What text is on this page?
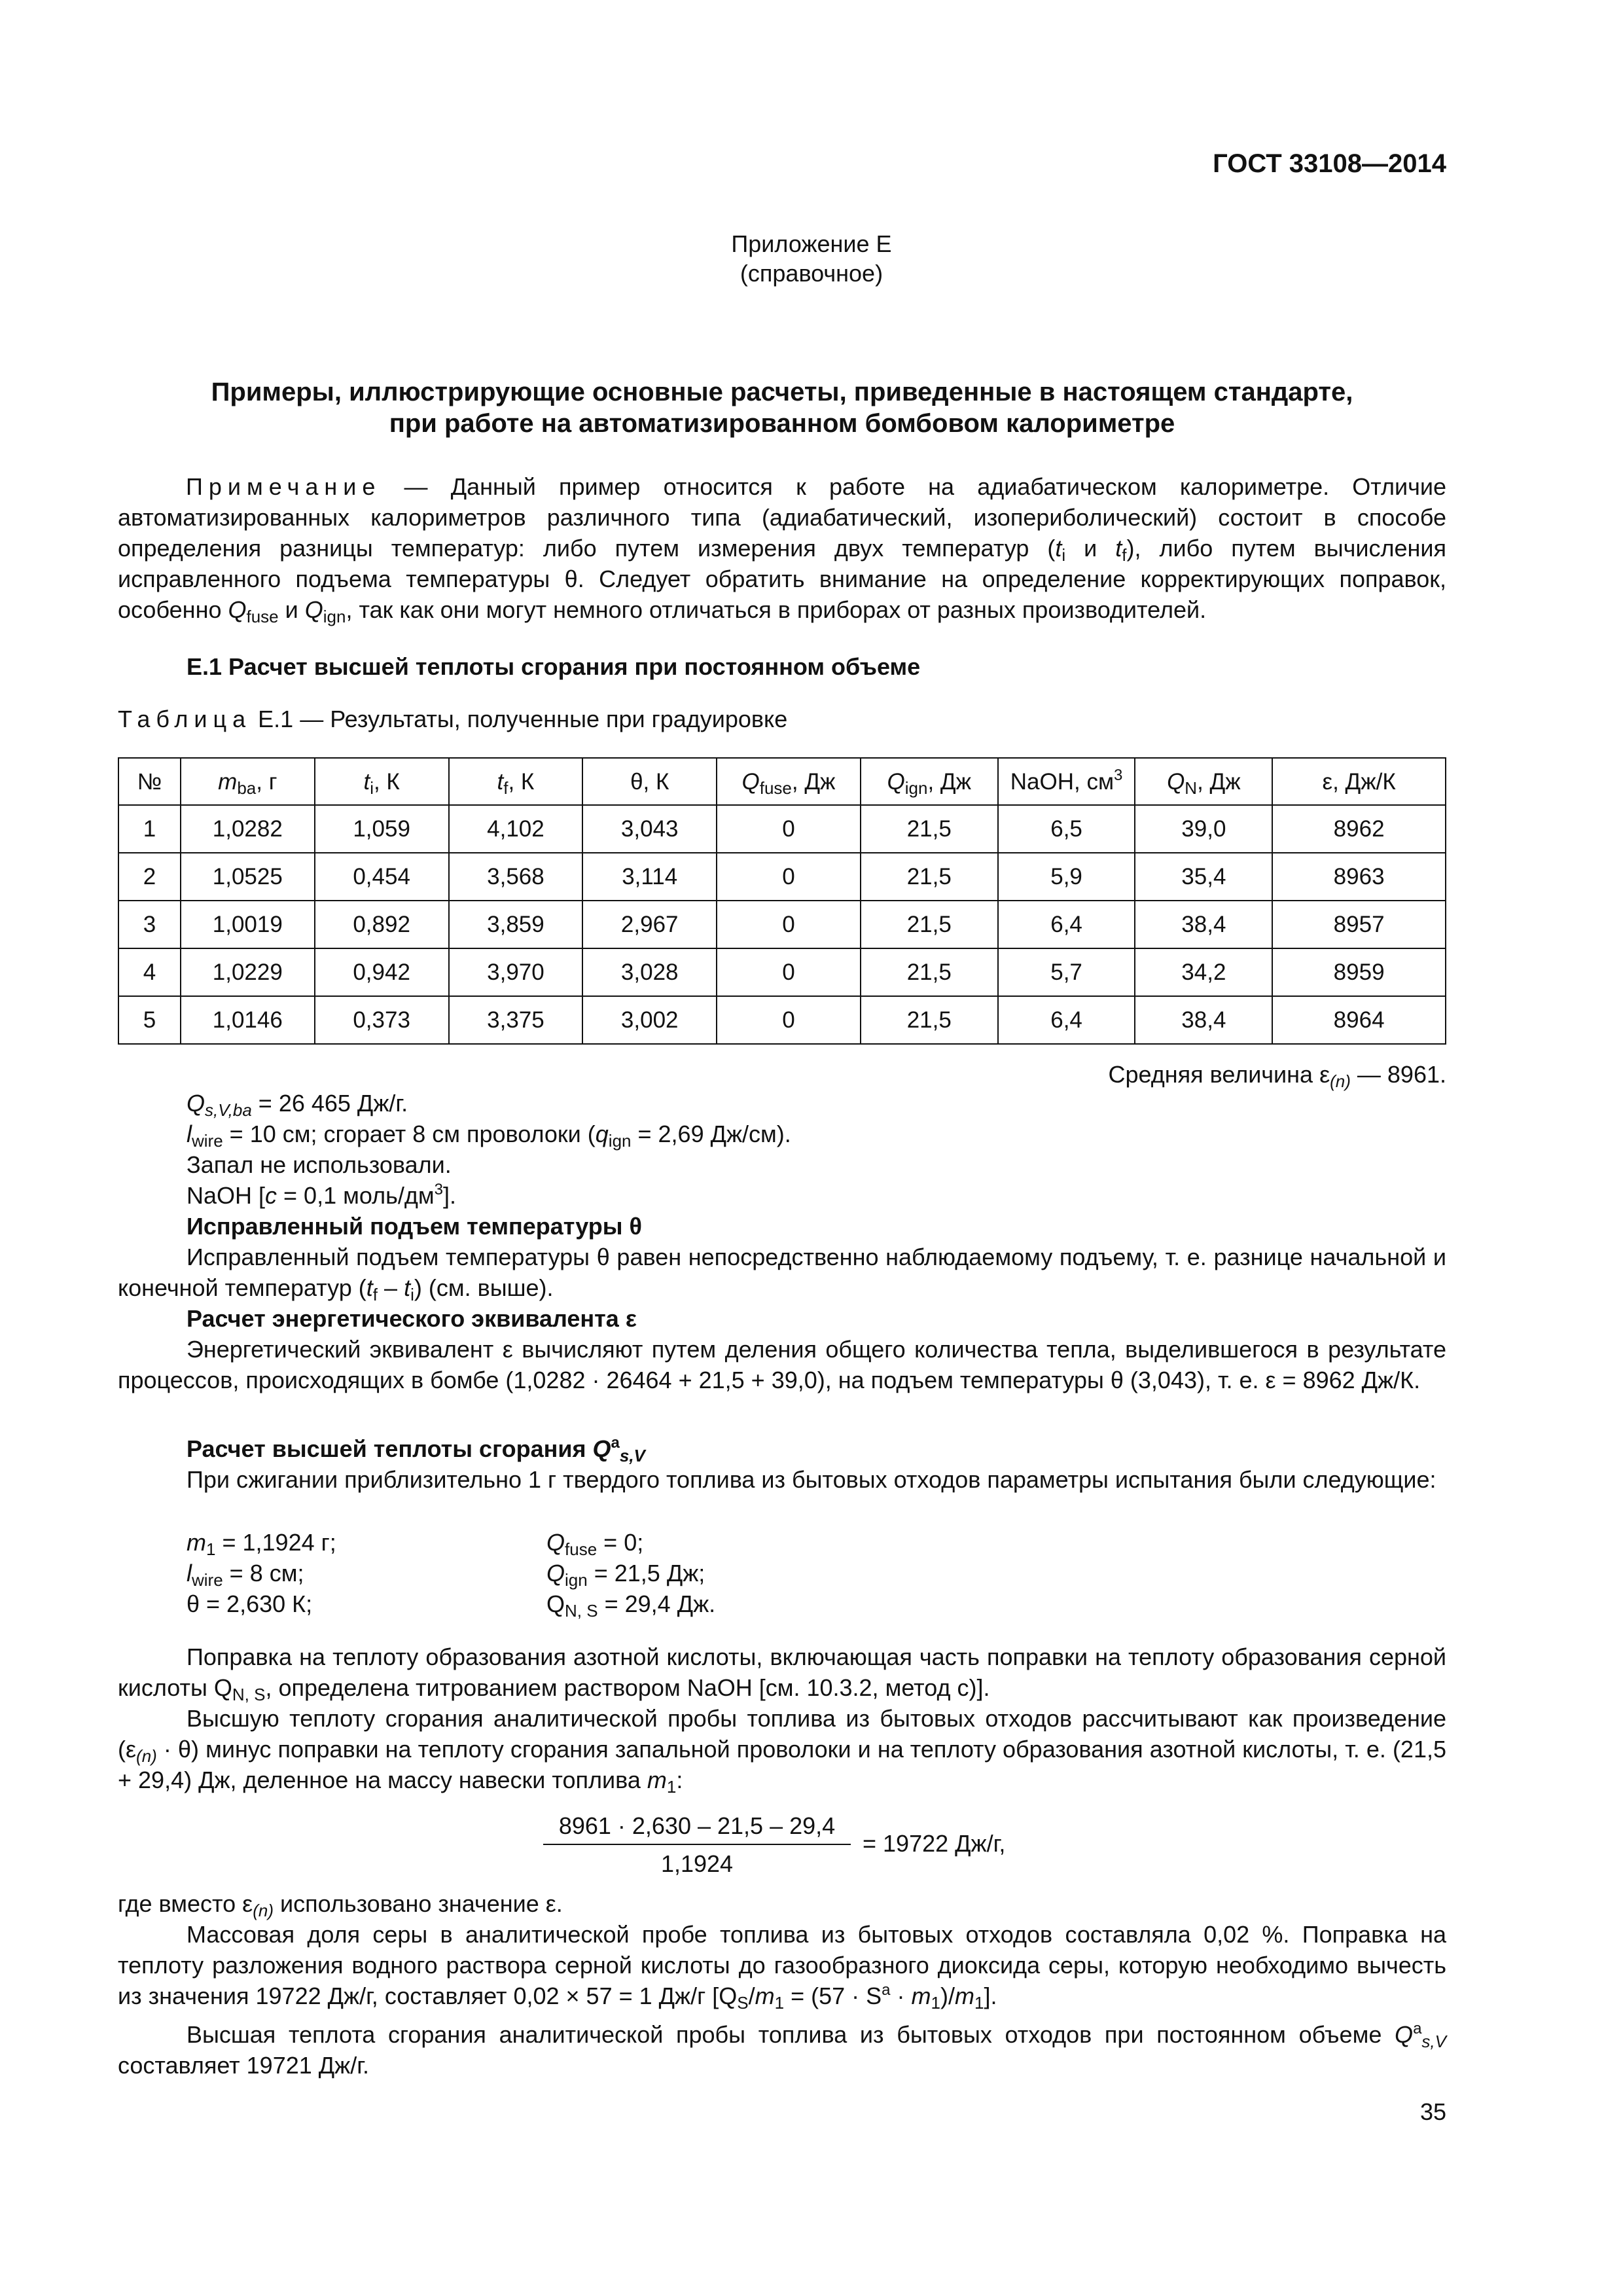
ГОСТ 33108—2014
Приложение Е
(справочное)
Примеры, иллюстрирующие основные расчеты, приведенные в настоящем стандарте,
при работе на автоматизированном бомбовом калориметре
Примечание — Данный пример относится к работе на адиабатическом калориметре. Отличие автоматизированных калориметров различного типа (адиабатический, изопериболический) состоит в способе определения разницы температур: либо путем измерения двух температур ($t_i$ и $t_f$), либо путем вычисления исправленного подъема температуры θ. Следует обратить внимание на определение корректирующих поправок, особенно $Q_{fuse}$ и $Q_{ign}$, так как они могут немного отличаться в приборах от разных производителей.
Е.1 Расчет высшей теплоты сгорания при постоянном объеме
Таблица Е.1 — Результаты, полученные при градуировке
№	$m_{ba}$, г	$t_i$, К	$t_f$, К	θ, К	$Q_{fuse}$, Дж	$Q_{ign}$, Дж	NaOH, $см^3$	$Q_N$, Дж	ε, Дж/К
1	1,0282	1,059	4,102	3,043	0	21,5	6,5	39,0	8962
2	1,0525	0,454	3,568	3,114	0	21,5	5,9	35,4	8963
3	1,0019	0,892	3,859	2,967	0	21,5	6,4	38,4	8957
4	1,0229	0,942	3,970	3,028	0	21,5	5,7	34,2	8959
5	1,0146	0,373	3,375	3,002	0	21,5	6,4	38,4	8964
Средняя величина $\varepsilon_{(n)}$ — 8961.
$Q_{s,V,ba} = 26$ 465 Дж/г.
$l_{wire} = 10$ см; сгорает 8 см проволоки ($q_{ign} = 2,69$ Дж/см).
Запал не использовали.
NaOH [c = 0,1 моль/$дм^3$].
Исправленный подъем температуры θ
Исправленный подъем температуры θ равен непосредственно наблюдаемому подъему, т. е. разнице начальной и конечной температур $(t_f - t_i)$ (см. выше).
Расчет энергетического эквивалента ε
Энергетический эквивалент ε вычисляют путем деления общего количества тепла, выделившегося в результате процессов, происходящих в бомбе (1,0282 · 26464 + 21,5 + 39,0), на подъем температуры θ (3,043), т. е. ε = 8962 Дж/К.
Расчет высшей теплоты сгорания $Q^a_{s,V}$
При сжигании приблизительно 1 г твердого топлива из бытовых отходов параметры испытания были следующие:
$m_1 = 1,1924$ г;	$Q_{fuse} = 0$;
$l_{wire} = 8$ см;	$Q_{ign} = 21,5$ Дж;
θ = 2,630 К;	$Q_{N, S} = 29,4$ Дж.
Поправка на теплоту образования азотной кислоты, включающая часть поправки на теплоту образования серной кислоты $Q_{N, S}$, определена титрованием раствором NaOH [см. 10.3.2, метод c)].
Высшую теплоту сгорания аналитической пробы топлива из бытовых отходов рассчитывают как произведение $(\varepsilon_{(n)} \cdot \theta)$ минус поправки на теплоту сгорания запальной проволоки и на теплоту образования азотной кислоты, т. е. (21,5 + 29,4) Дж, деленное на массу навески топлива $m_1$:
8961 · 2,630 – 21,5 – 29,4
1,1924
= 19722 Дж/г,
где вместо $\varepsilon_{(n)}$ использовано значение ε.
Массовая доля серы в аналитической пробе топлива из бытовых отходов составляла 0,02 %. Поправка на теплоту разложения водного раствора серной кислоты до газообразного диоксида серы, которую необходимо вычесть из значения 19722 Дж/г, составляет 0,02 × 57 = 1 Дж/г $[Q_S/m_1 = (57 \cdot S^a \cdot m_1)/m_1]$.
Высшая теплота сгорания аналитической пробы топлива из бытовых отходов при постоянном объеме $Q^a_{s,V}$ составляет 19721 Дж/г.
35
